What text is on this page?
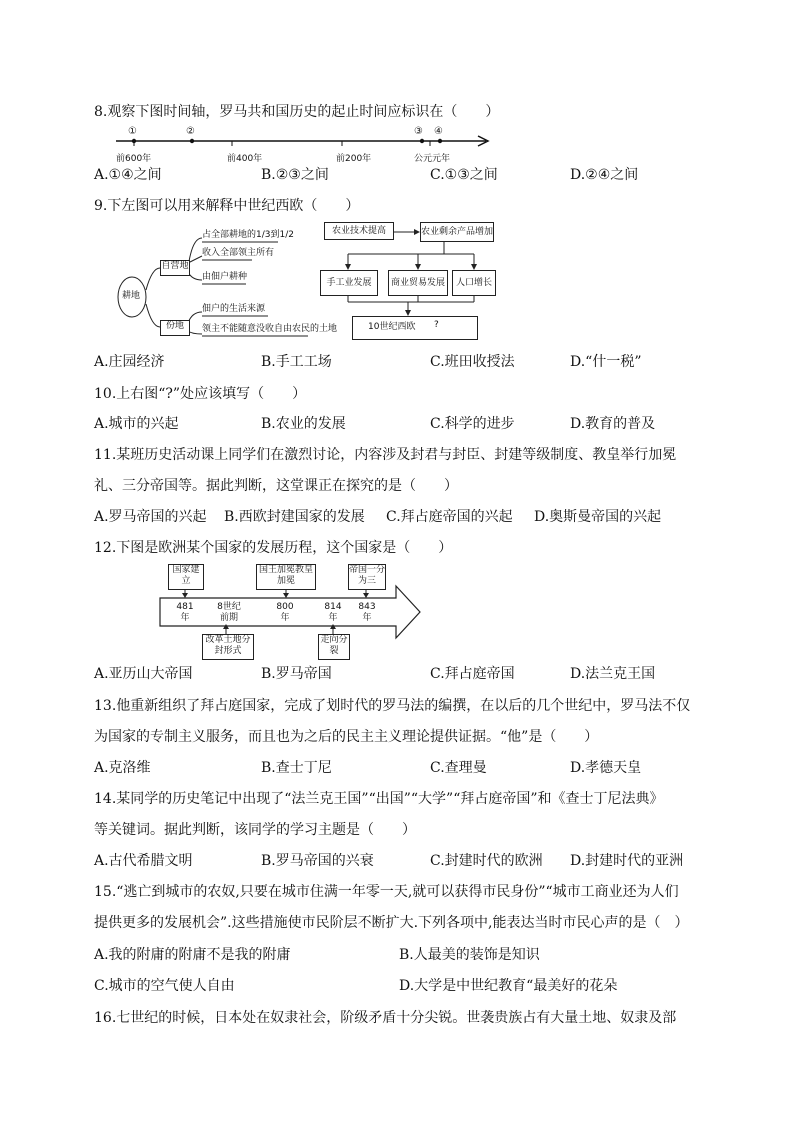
8.观察下图时间轴，罗马共和国历史的起止时间应标识在（　　）
①	②	③ ④
前600年	前400年	前200年	公元元年
A.①④之间	B.②③之间	C.①③之间	D.②④之间
9.下左图可以用来解释中世纪西欧（　　）
耕地
自营地
占全部耕地的1/3到1/2
收入全部领主所有
由佃户耕种
份地
佃户的生活来源
领主不能随意没收自由农民的土地
农业技术提高	农业剩余产品增加
手工业发展	商业贸易发展	人口增长
10世纪西欧 ?
A.庄园经济	B.手工工场	C.班田收授法	D.“什一税”
10.上右图“?”处应该填写（　　）
A.城市的兴起	B.农业的发展	C.科学的进步	D.教育的普及
11.某班历史活动课上同学们在激烈讨论，内容涉及封君与封臣、封建等级制度、教皇举行加冕
礼、三分帝国等。据此判断，这堂课正在探究的是（　　）
A.罗马帝国的兴起 B.西欧封建国家的发展 C.拜占庭帝国的兴起 D.奥斯曼帝国的兴起
12.下图是欧洲某个国家的发展历程，这个国家是（　　）
国家建立
国王加冕教皇加冕
帝国一分为三
481年
8世纪前期
800年
814年
843年
改革土地分封形式
走向分裂
A.亚历山大帝国	B.罗马帝国	C.拜占庭帝国	D.法兰克王国
13.他重新组织了拜占庭国家，完成了划时代的罗马法的编撰，在以后的几个世纪中，罗马法不仅
为国家的专制主义服务，而且也为之后的民主主义理论提供证据。“他”是（　　）
A.克洛维	B.查士丁尼	C.查理曼	D.孝德天皇
14.某同学的历史笔记中出现了“法兰克王国”“出国”“大学”“拜占庭帝国”和《查士丁尼法典》
等关键词。据此判断，该同学的学习主题是（　　）
A.古代希腊文明	B.罗马帝国的兴衰	C.封建时代的欧洲 D.封建时代的亚洲
15.“逃亡到城市的农奴,只要在城市住满一年零一天,就可以获得市民身份”“城市工商业还为人们
提供更多的发展机会”.这些措施使市民阶层不断扩大.下列各项中,能表达当时市民心声的是（　）
A.我的附庸的附庸不是我的附庸	B.人最美的装饰是知识
C.城市的空气使人自由	D.大学是中世纪教育“最美好的花朵
16.七世纪的时候，日本处在奴隶社会，阶级矛盾十分尖锐。世袭贵族占有大量土地、奴隶及部
